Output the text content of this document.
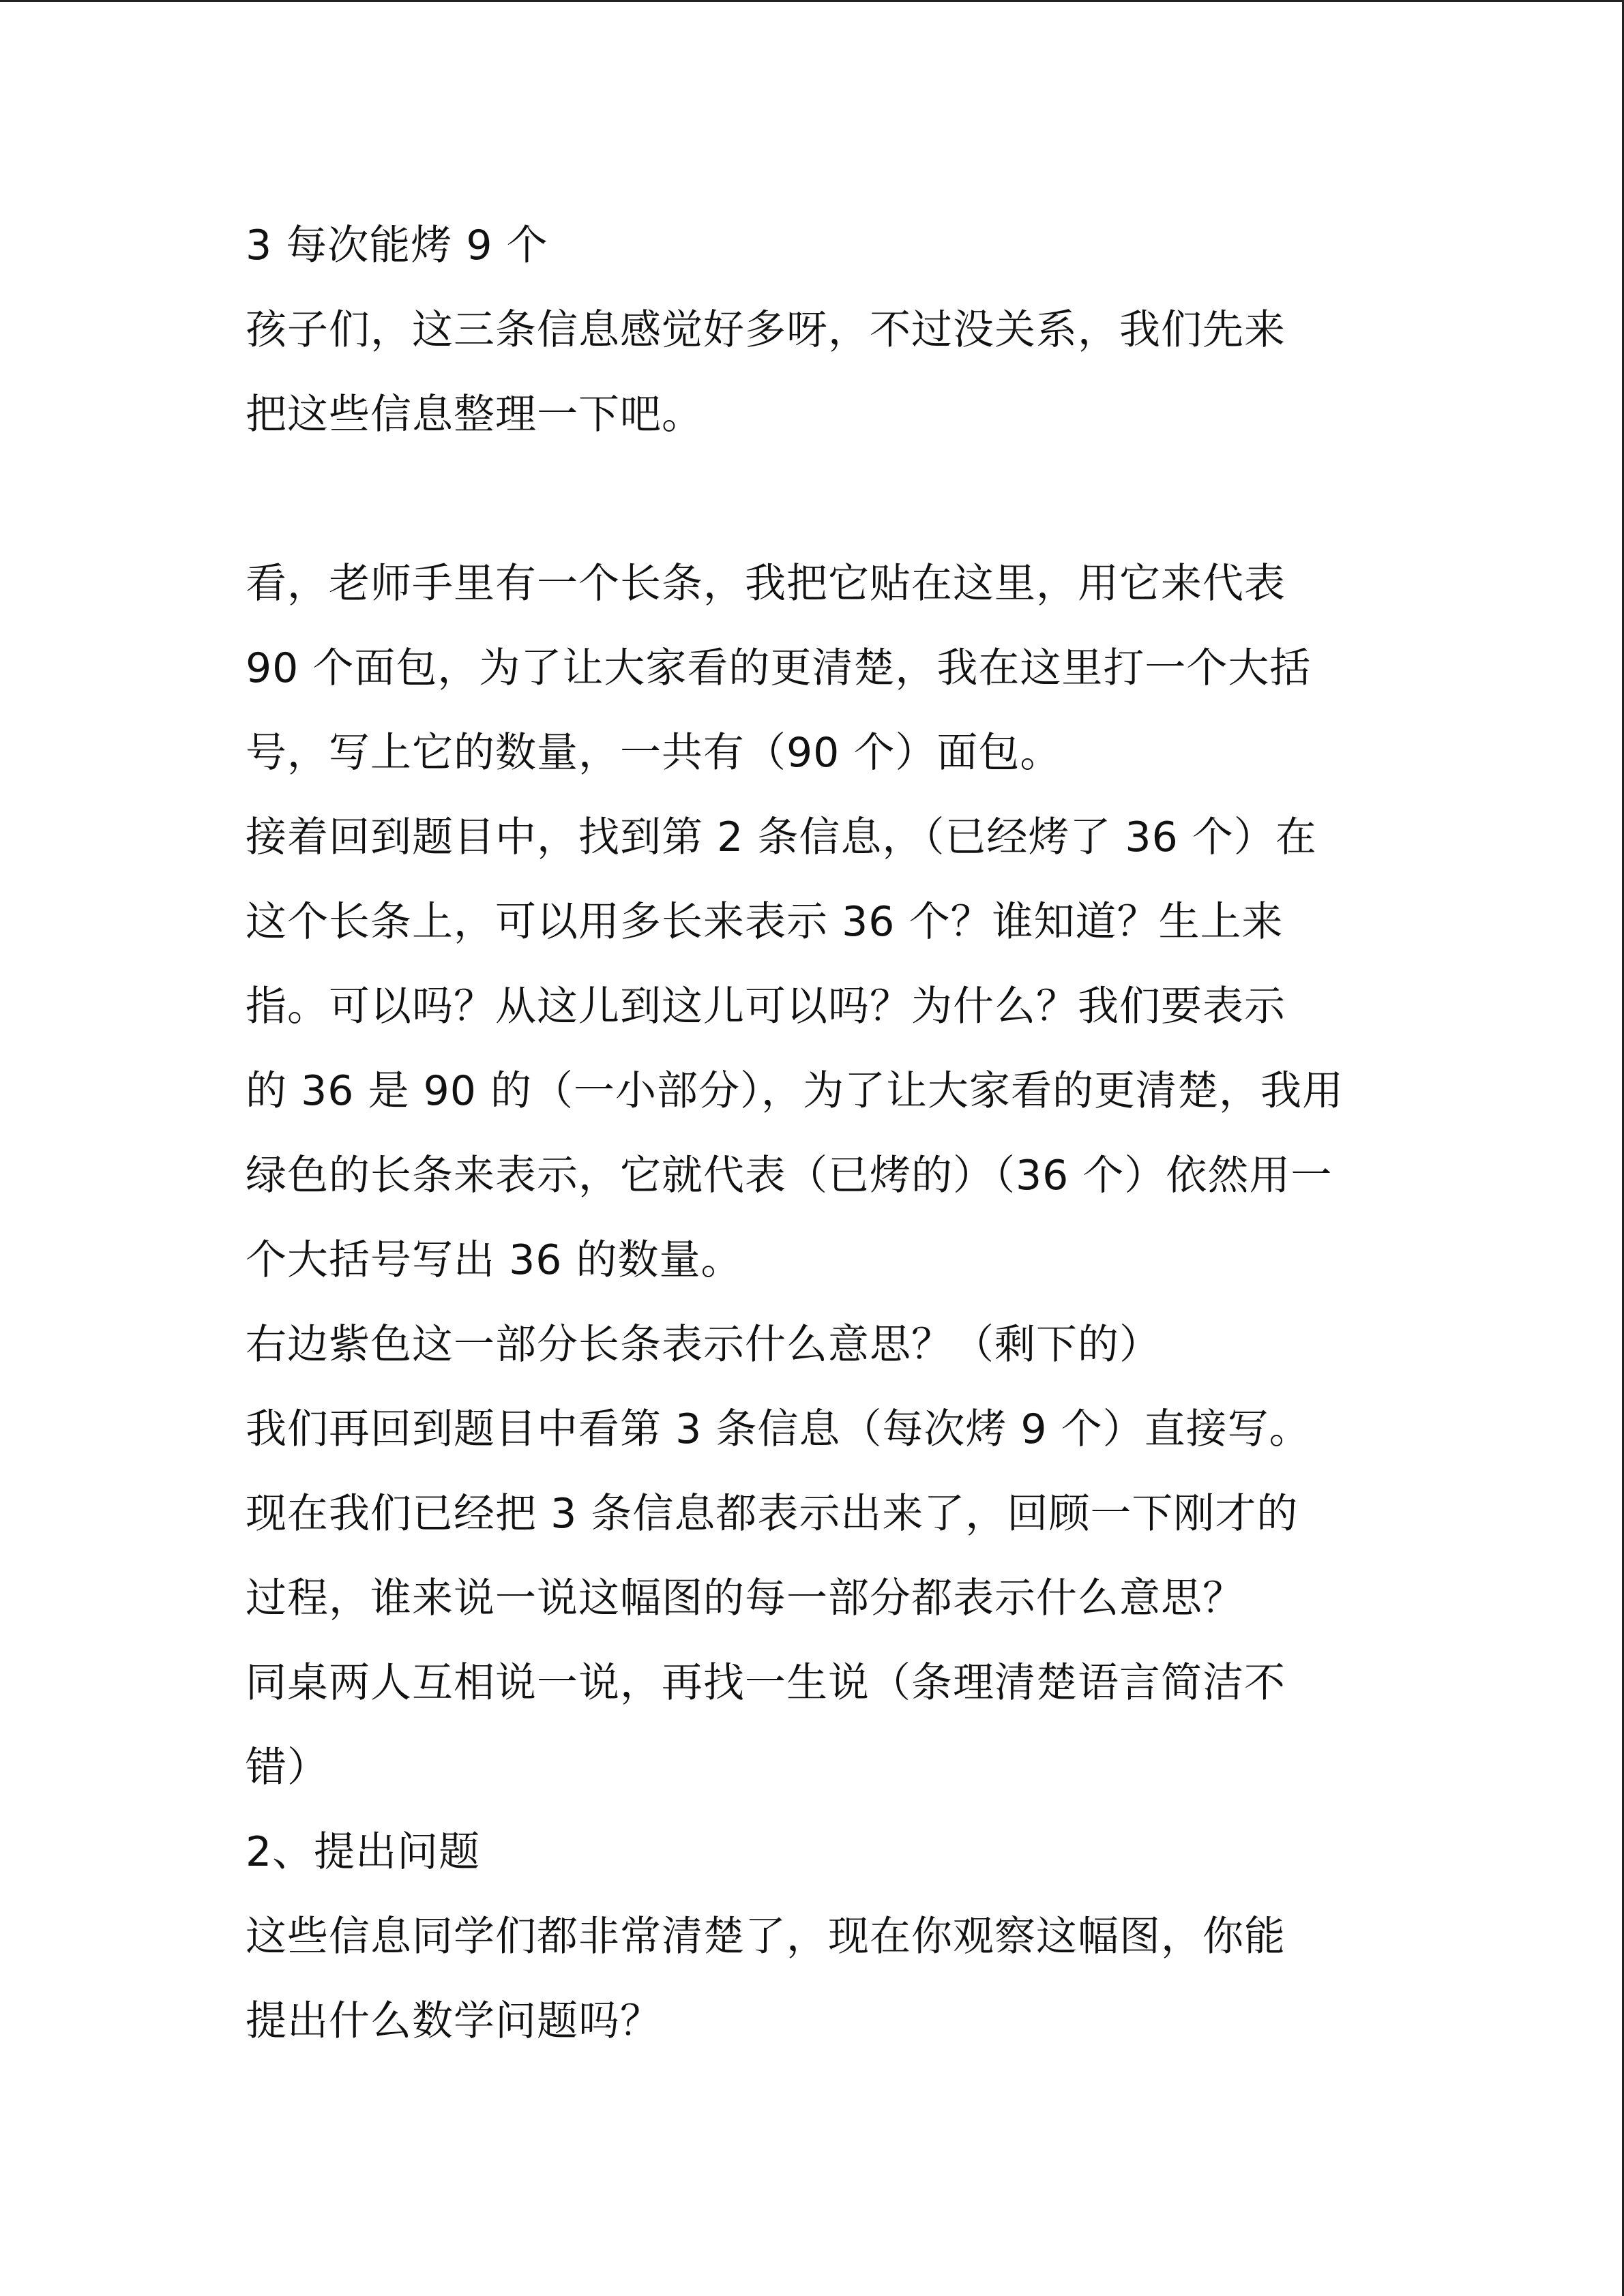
3 每次能烤 9 个
孩子们，这三条信息感觉好多呀，不过没关系，我们先来
把这些信息整理一下吧。
看，老师手里有一个长条，我把它贴在这里，用它来代表
90 个面包，为了让大家看的更清楚，我在这里打一个大括
号，写上它的数量，一共有（90 个）面包。
接着回到题目中，找到第 2 条信息，（已经烤了 36 个）在
这个长条上，可以用多长来表示 36 个？谁知道？生上来
指。可以吗？从这儿到这儿可以吗？为什么？我们要表示
的 36 是 90 的（一小部分），为了让大家看的更清楚，我用
绿色的长条来表示，它就代表（已烤的）（36 个）依然用一
个大括号写出 36 的数量。
右边紫色这一部分长条表示什么意思？（剩下的）
我们再回到题目中看第 3 条信息（每次烤 9 个）直接写。
现在我们已经把 3 条信息都表示出来了，回顾一下刚才的
过程，谁来说一说这幅图的每一部分都表示什么意思？
同桌两人互相说一说，再找一生说（条理清楚语言简洁不
错）
2、提出问题
这些信息同学们都非常清楚了，现在你观察这幅图，你能
提出什么数学问题吗？
